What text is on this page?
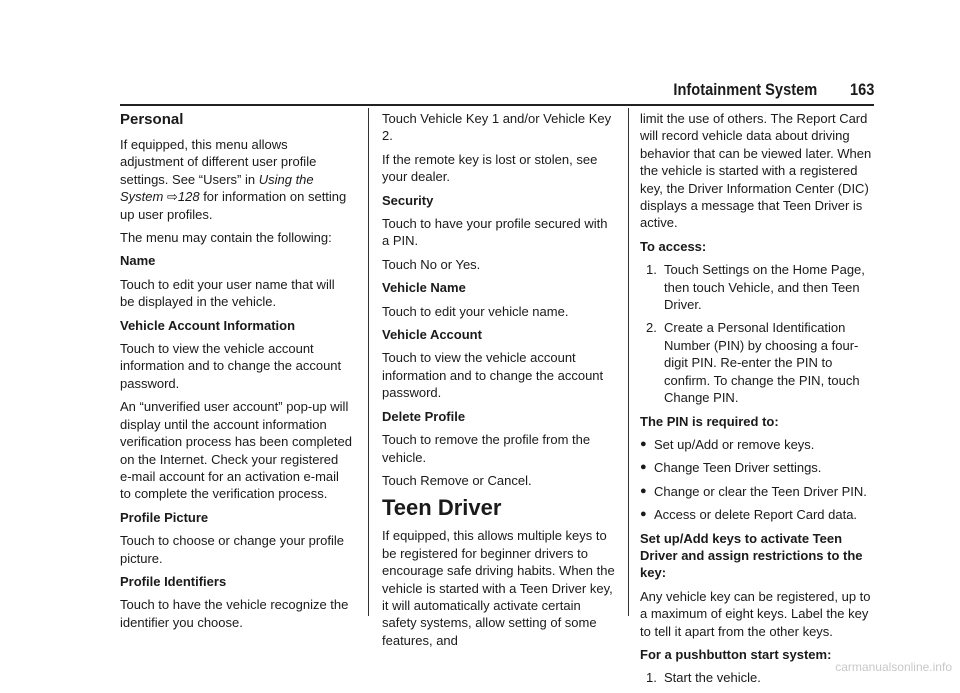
Infotainment System 163

Personal

If equipped, this menu allows adjustment of different user profile settings. See “Users” in Using the System ⇨128 for information on setting up user profiles.

The menu may contain the following:

Name

Touch to edit your user name that will be displayed in the vehicle.

Vehicle Account Information

Touch to view the vehicle account information and to change the account password.

An “unverified user account” pop-up will display until the account information verification process has been completed on the Internet. Check your registered e-mail account for an activation e-mail to complete the verification process.

Profile Picture

Touch to choose or change your profile picture.

Profile Identifiers

Touch to have the vehicle recognize the identifier you choose.

Touch Vehicle Key 1 and/or Vehicle Key 2.

If the remote key is lost or stolen, see your dealer.

Security

Touch to have your profile secured with a PIN.

Touch No or Yes.

Vehicle Name

Touch to edit your vehicle name.

Vehicle Account

Touch to view the vehicle account information and to change the account password.

Delete Profile

Touch to remove the profile from the vehicle.

Touch Remove or Cancel.

Teen Driver

If equipped, this allows multiple keys to be registered for beginner drivers to encourage safe driving habits. When the vehicle is started with a Teen Driver key, it will automatically activate certain safety systems, allow setting of some features, and

limit the use of others. The Report Card will record vehicle data about driving behavior that can be viewed later. When the vehicle is started with a registered key, the Driver Information Center (DIC) displays a message that Teen Driver is active.

To access:

1. Touch Settings on the Home Page, then touch Vehicle, and then Teen Driver.
2. Create a Personal Identification Number (PIN) by choosing a four-digit PIN. Re-enter the PIN to confirm. To change the PIN, touch Change PIN.

The PIN is required to:

● Set up/Add or remove keys.
● Change Teen Driver settings.
● Change or clear the Teen Driver PIN.
● Access or delete Report Card data.

Set up/Add keys to activate Teen Driver and assign restrictions to the key:

Any vehicle key can be registered, up to a maximum of eight keys. Label the key to tell it apart from the other keys.

For a pushbutton start system:

1. Start the vehicle.
carmanualsonline.info
